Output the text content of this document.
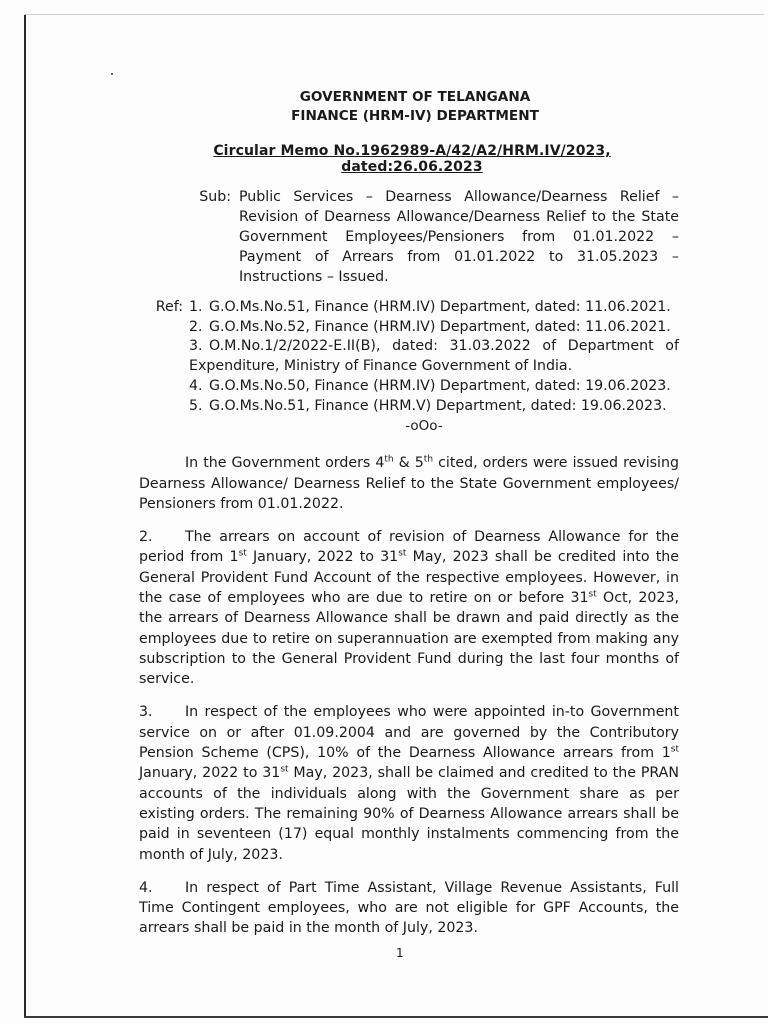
GOVERNMENT OF TELANGANA
FINANCE (HRM-IV) DEPARTMENT
Circular Memo No.1962989-A/42/A2/HRM.IV/2023, dated:26.06.2023
Sub: Public Services – Dearness Allowance/Dearness Relief – Revision of Dearness Allowance/Dearness Relief to the State Government Employees/Pensioners from 01.01.2022 – Payment of Arrears from 01.01.2022 to 31.05.2023 – Instructions – Issued.
Ref: 1. G.O.Ms.No.51, Finance (HRM.IV) Department, dated: 11.06.2021.
2. G.O.Ms.No.52, Finance (HRM.IV) Department, dated: 11.06.2021.
3. O.M.No.1/2/2022-E.II(B), dated: 31.03.2022 of Department of Expenditure, Ministry of Finance Government of India.
4. G.O.Ms.No.50, Finance (HRM.IV) Department, dated: 19.06.2023.
5. G.O.Ms.No.51, Finance (HRM.V) Department, dated: 19.06.2023.
-oOo-

In the Government orders 4th & 5th cited, orders were issued revising Dearness Allowance/ Dearness Relief to the State Government employees/ Pensioners from 01.01.2022.

2. The arrears on account of revision of Dearness Allowance for the period from 1st January, 2022 to 31st May, 2023 shall be credited into the General Provident Fund Account of the respective employees. However, in the case of employees who are due to retire on or before 31st Oct, 2023, the arrears of Dearness Allowance shall be drawn and paid directly as the employees due to retire on superannuation are exempted from making any subscription to the General Provident Fund during the last four months of service.

3. In respect of the employees who were appointed in-to Government service on or after 01.09.2004 and are governed by the Contributory Pension Scheme (CPS), 10% of the Dearness Allowance arrears from 1st January, 2022 to 31st May, 2023, shall be claimed and credited to the PRAN accounts of the individuals along with the Government share as per existing orders. The remaining 90% of Dearness Allowance arrears shall be paid in seventeen (17) equal monthly instalments commencing from the month of July, 2023.

4. In respect of Part Time Assistant, Village Revenue Assistants, Full Time Contingent employees, who are not eligible for GPF Accounts, the arrears shall be paid in the month of July, 2023.

1
